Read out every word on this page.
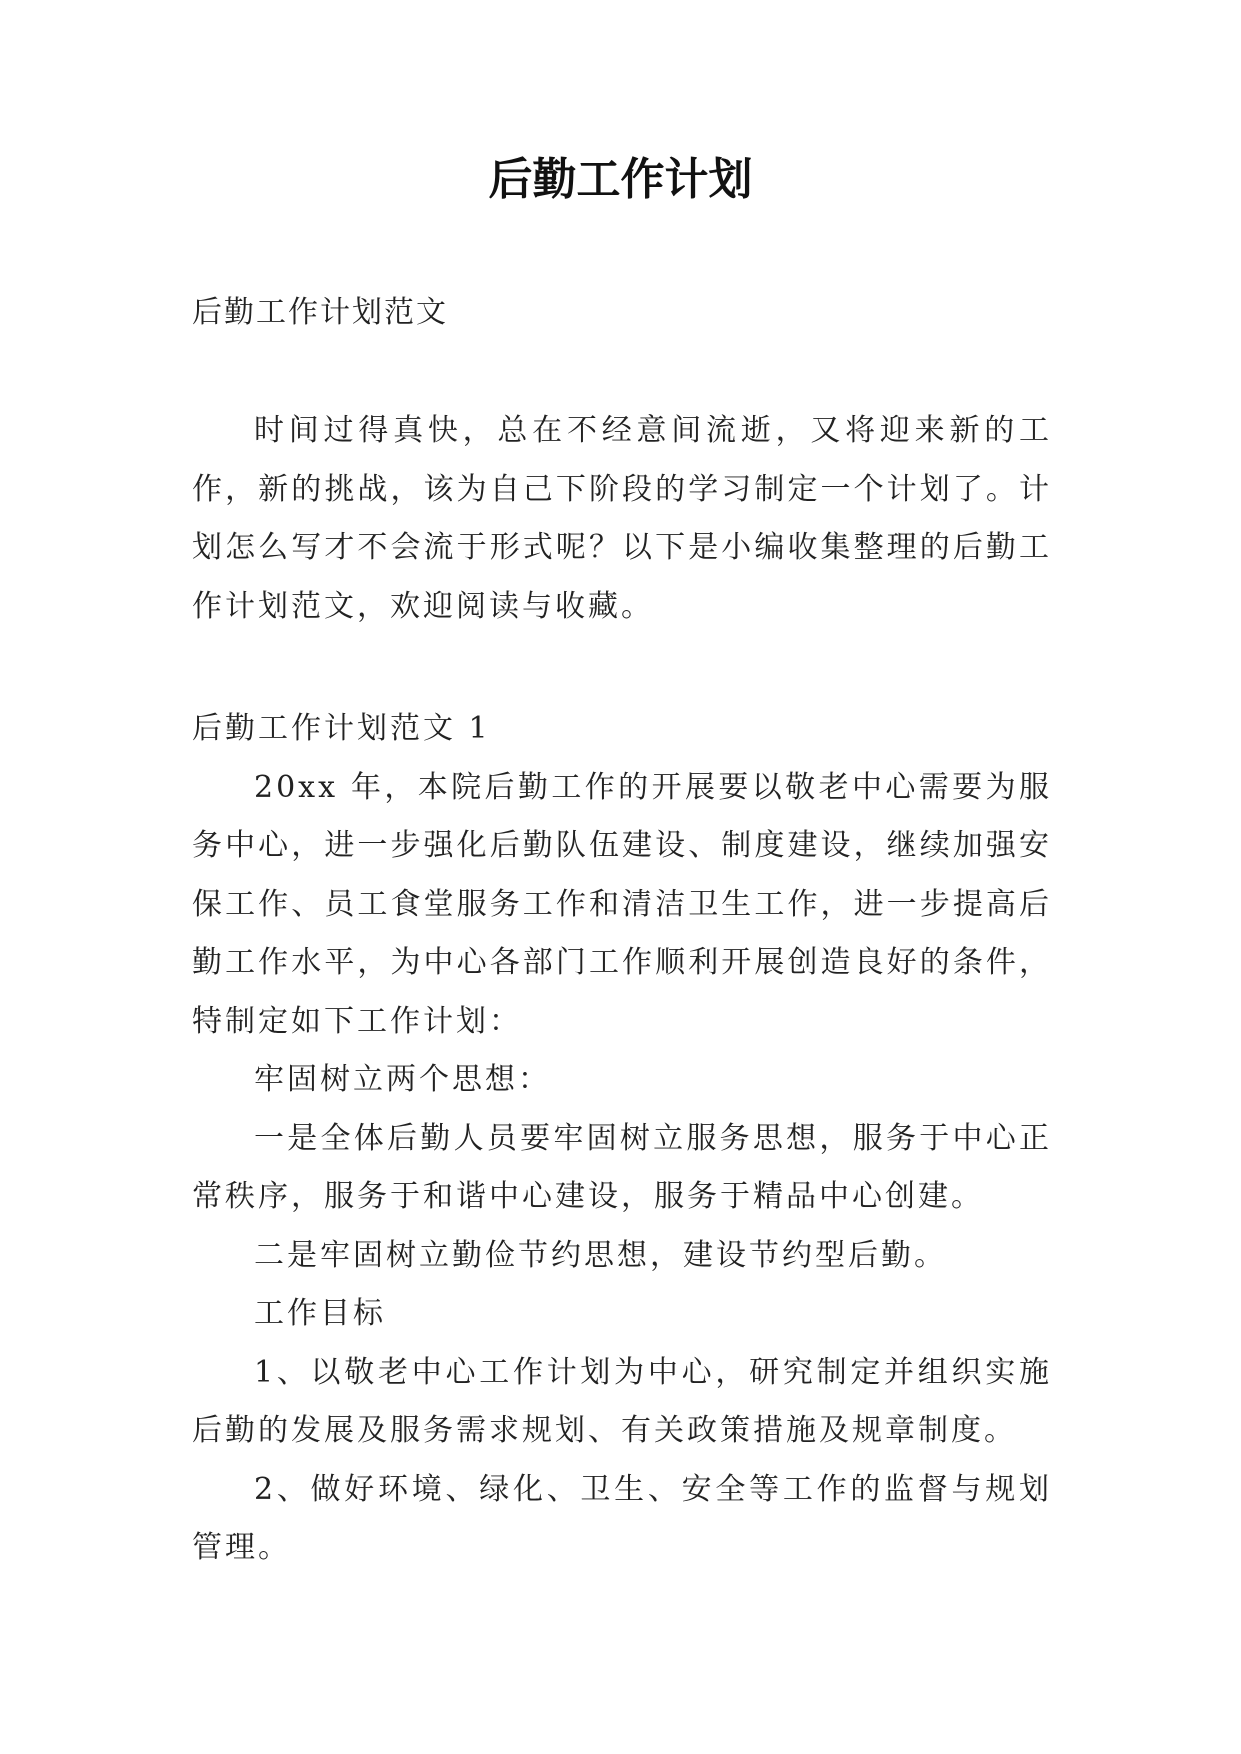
后勤工作计划
后勤工作计划范文

时间过得真快，总在不经意间流逝，又将迎来新的工作，新的挑战，该为自己下阶段的学习制定一个计划了。计划怎么写才不会流于形式呢？以下是小编收集整理的后勤工作计划范文，欢迎阅读与收藏。

后勤工作计划范文 1

20xx 年，本院后勤工作的开展要以敬老中心需要为服务中心，进一步强化后勤队伍建设、制度建设，继续加强安保工作、员工食堂服务工作和清洁卫生工作，进一步提高后勤工作水平，为中心各部门工作顺利开展创造良好的条件，特制定如下工作计划：

牢固树立两个思想：

一是全体后勤人员要牢固树立服务思想，服务于中心正常秩序，服务于和谐中心建设，服务于精品中心创建。

二是牢固树立勤俭节约思想，建设节约型后勤。

工作目标

1、以敬老中心工作计划为中心，研究制定并组织实施后勤的发展及服务需求规划、有关政策措施及规章制度。

2、做好环境、绿化、卫生、安全等工作的监督与规划管理。
